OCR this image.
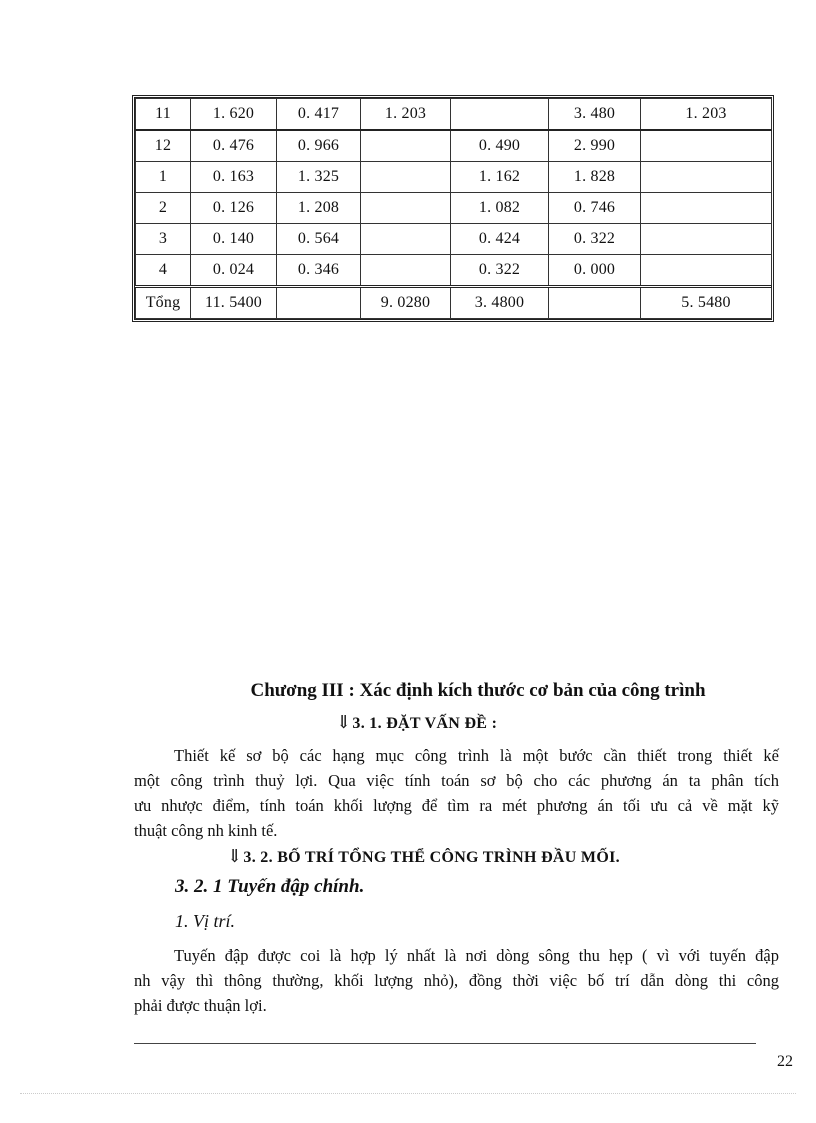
11	1. 620	0. 417	1. 203		3. 480	1. 203
12	0. 476	0. 966		0. 490	2. 990	
1	0. 163	1. 325		1. 162	1. 828	
2	0. 126	1. 208		1. 082	0. 746	
3	0. 140	0. 564		0. 424	0. 322	
4	0. 024	0. 346		0. 322	0. 000	
Tổng	11. 5400		9. 0280	3. 4800		5. 5480
Chương III : Xác định kích thước cơ bản của công trình
⇓3. 1. ĐẶT VẤN ĐỀ :
Thiết kế sơ bộ các hạng mục công trình là một bước cần thiết trong thiết kế
một công trình thuỷ lợi. Qua việc tính toán sơ bộ cho các phương án ta phân tích
ưu nhược điểm, tính toán khối lượng để tìm ra mét phương án tối ưu cả về mặt kỹ
thuật công nh kinh tế.
⇓3. 2. BỐ TRÍ TỔNG THỂ CÔNG TRÌNH ĐẦU MỐI.
3. 2. 1 Tuyến đập chính.
1. Vị trí.
Tuyến đập được coi là hợp lý nhất là nơi dòng sông thu hẹp ( vì với tuyến đập
nh vậy thì thông thường, khối lượng nhỏ), đồng thời việc bố trí dẫn dòng thi công
phải được thuận lợi.
22
